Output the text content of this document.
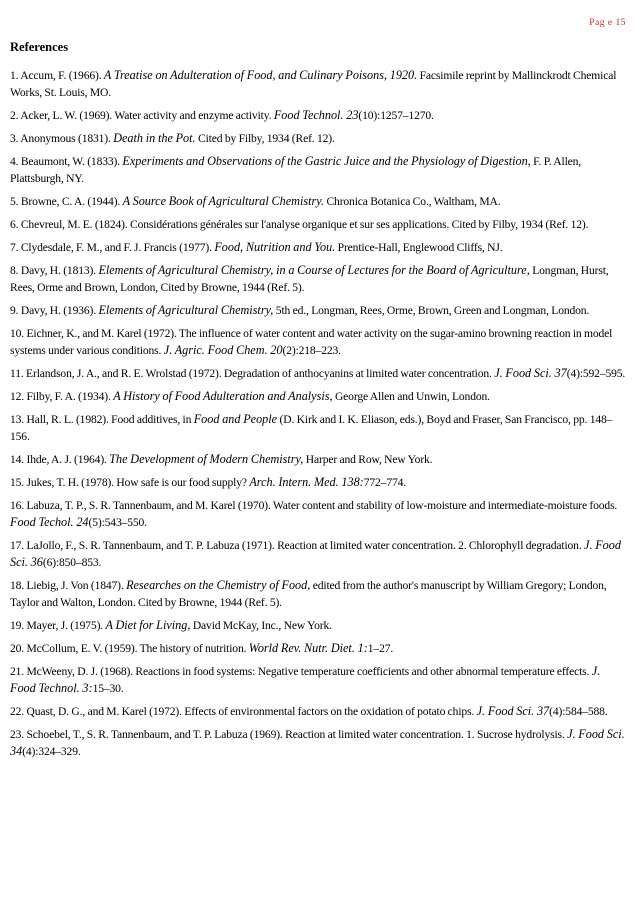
Pag e 15
References

1. Accum, F. (1966). A Treatise on Adulteration of Food, and Culinary Poisons, 1920. Facsimile reprint by Mallinckrodt Chemical Works, St. Louis, MO.

2. Acker, L. W. (1969). Water activity and enzyme activity. Food Technol. 23(10):1257–1270.

3. Anonymous (1831). Death in the Pot. Cited by Filby, 1934 (Ref. 12).

4. Beaumont, W. (1833). Experiments and Observations of the Gastric Juice and the Physiology of Digestion, F. P. Allen, Plattsburgh, NY.

5. Browne, C. A. (1944). A Source Book of Agricultural Chemistry. Chronica Botanica Co., Waltham, MA.

6. Chevreul, M. E. (1824). Considérations générales sur l'analyse organique et sur ses applications. Cited by Filby, 1934 (Ref. 12).

7. Clydesdale, F. M., and F. J. Francis (1977). Food, Nutrition and You. Prentice-Hall, Englewood Cliffs, NJ.

8. Davy, H. (1813). Elements of Agricultural Chemistry, in a Course of Lectures for the Board of Agriculture, Longman, Hurst, Rees, Orme and Brown, London, Cited by Browne, 1944 (Ref. 5).

9. Davy, H. (1936). Elements of Agricultural Chemistry, 5th ed., Longman, Rees, Orme, Brown, Green and Longman, London.

10. Eichner, K., and M. Karel (1972). The influence of water content and water activity on the sugar-amino browning reaction in model systems under various conditions. J. Agric. Food Chem. 20(2):218–223.

11. Erlandson, J. A., and R. E. Wrolstad (1972). Degradation of anthocyanins at limited water concentration. J. Food Sci. 37(4):592–595.

12. Filby, F. A. (1934). A History of Food Adulteration and Analysis, George Allen and Unwin, London.

13. Hall, R. L. (1982). Food additives, in Food and People (D. Kirk and I. K. Eliason, eds.), Boyd and Fraser, San Francisco, pp. 148–156.

14. Ihde, A. J. (1964). The Development of Modern Chemistry, Harper and Row, New York.

15. Jukes, T. H. (1978). How safe is our food supply? Arch. Intern. Med. 138:772–774.

16. Labuza, T. P., S. R. Tannenbaum, and M. Karel (1970). Water content and stability of low-moisture and intermediate-moisture foods. Food Techol. 24(5):543–550.

17. LaJollo, F., S. R. Tannenbaum, and T. P. Labuza (1971). Reaction at limited water concentration. 2. Chlorophyll degradation. J. Food Sci. 36(6):850–853.

18. Liebig, J. Von (1847). Researches on the Chemistry of Food, edited from the author's manuscript by William Gregory; London, Taylor and Walton, London. Cited by Browne, 1944 (Ref. 5).

19. Mayer, J. (1975). A Diet for Living, David McKay, Inc., New York.

20. McCollum, E. V. (1959). The history of nutrition. World Rev. Nutr. Diet. 1:1–27.

21. McWeeny, D. J. (1968). Reactions in food systems: Negative temperature coefficients and other abnormal temperature effects. J. Food Technol. 3:15–30.

22. Quast, D. G., and M. Karel (1972). Effects of environmental factors on the oxidation of potato chips. J. Food Sci. 37(4):584–588.

23. Schoebel, T., S. R. Tannenbaum, and T. P. Labuza (1969). Reaction at limited water concentration. 1. Sucrose hydrolysis. J. Food Sci. 34(4):324–329.
